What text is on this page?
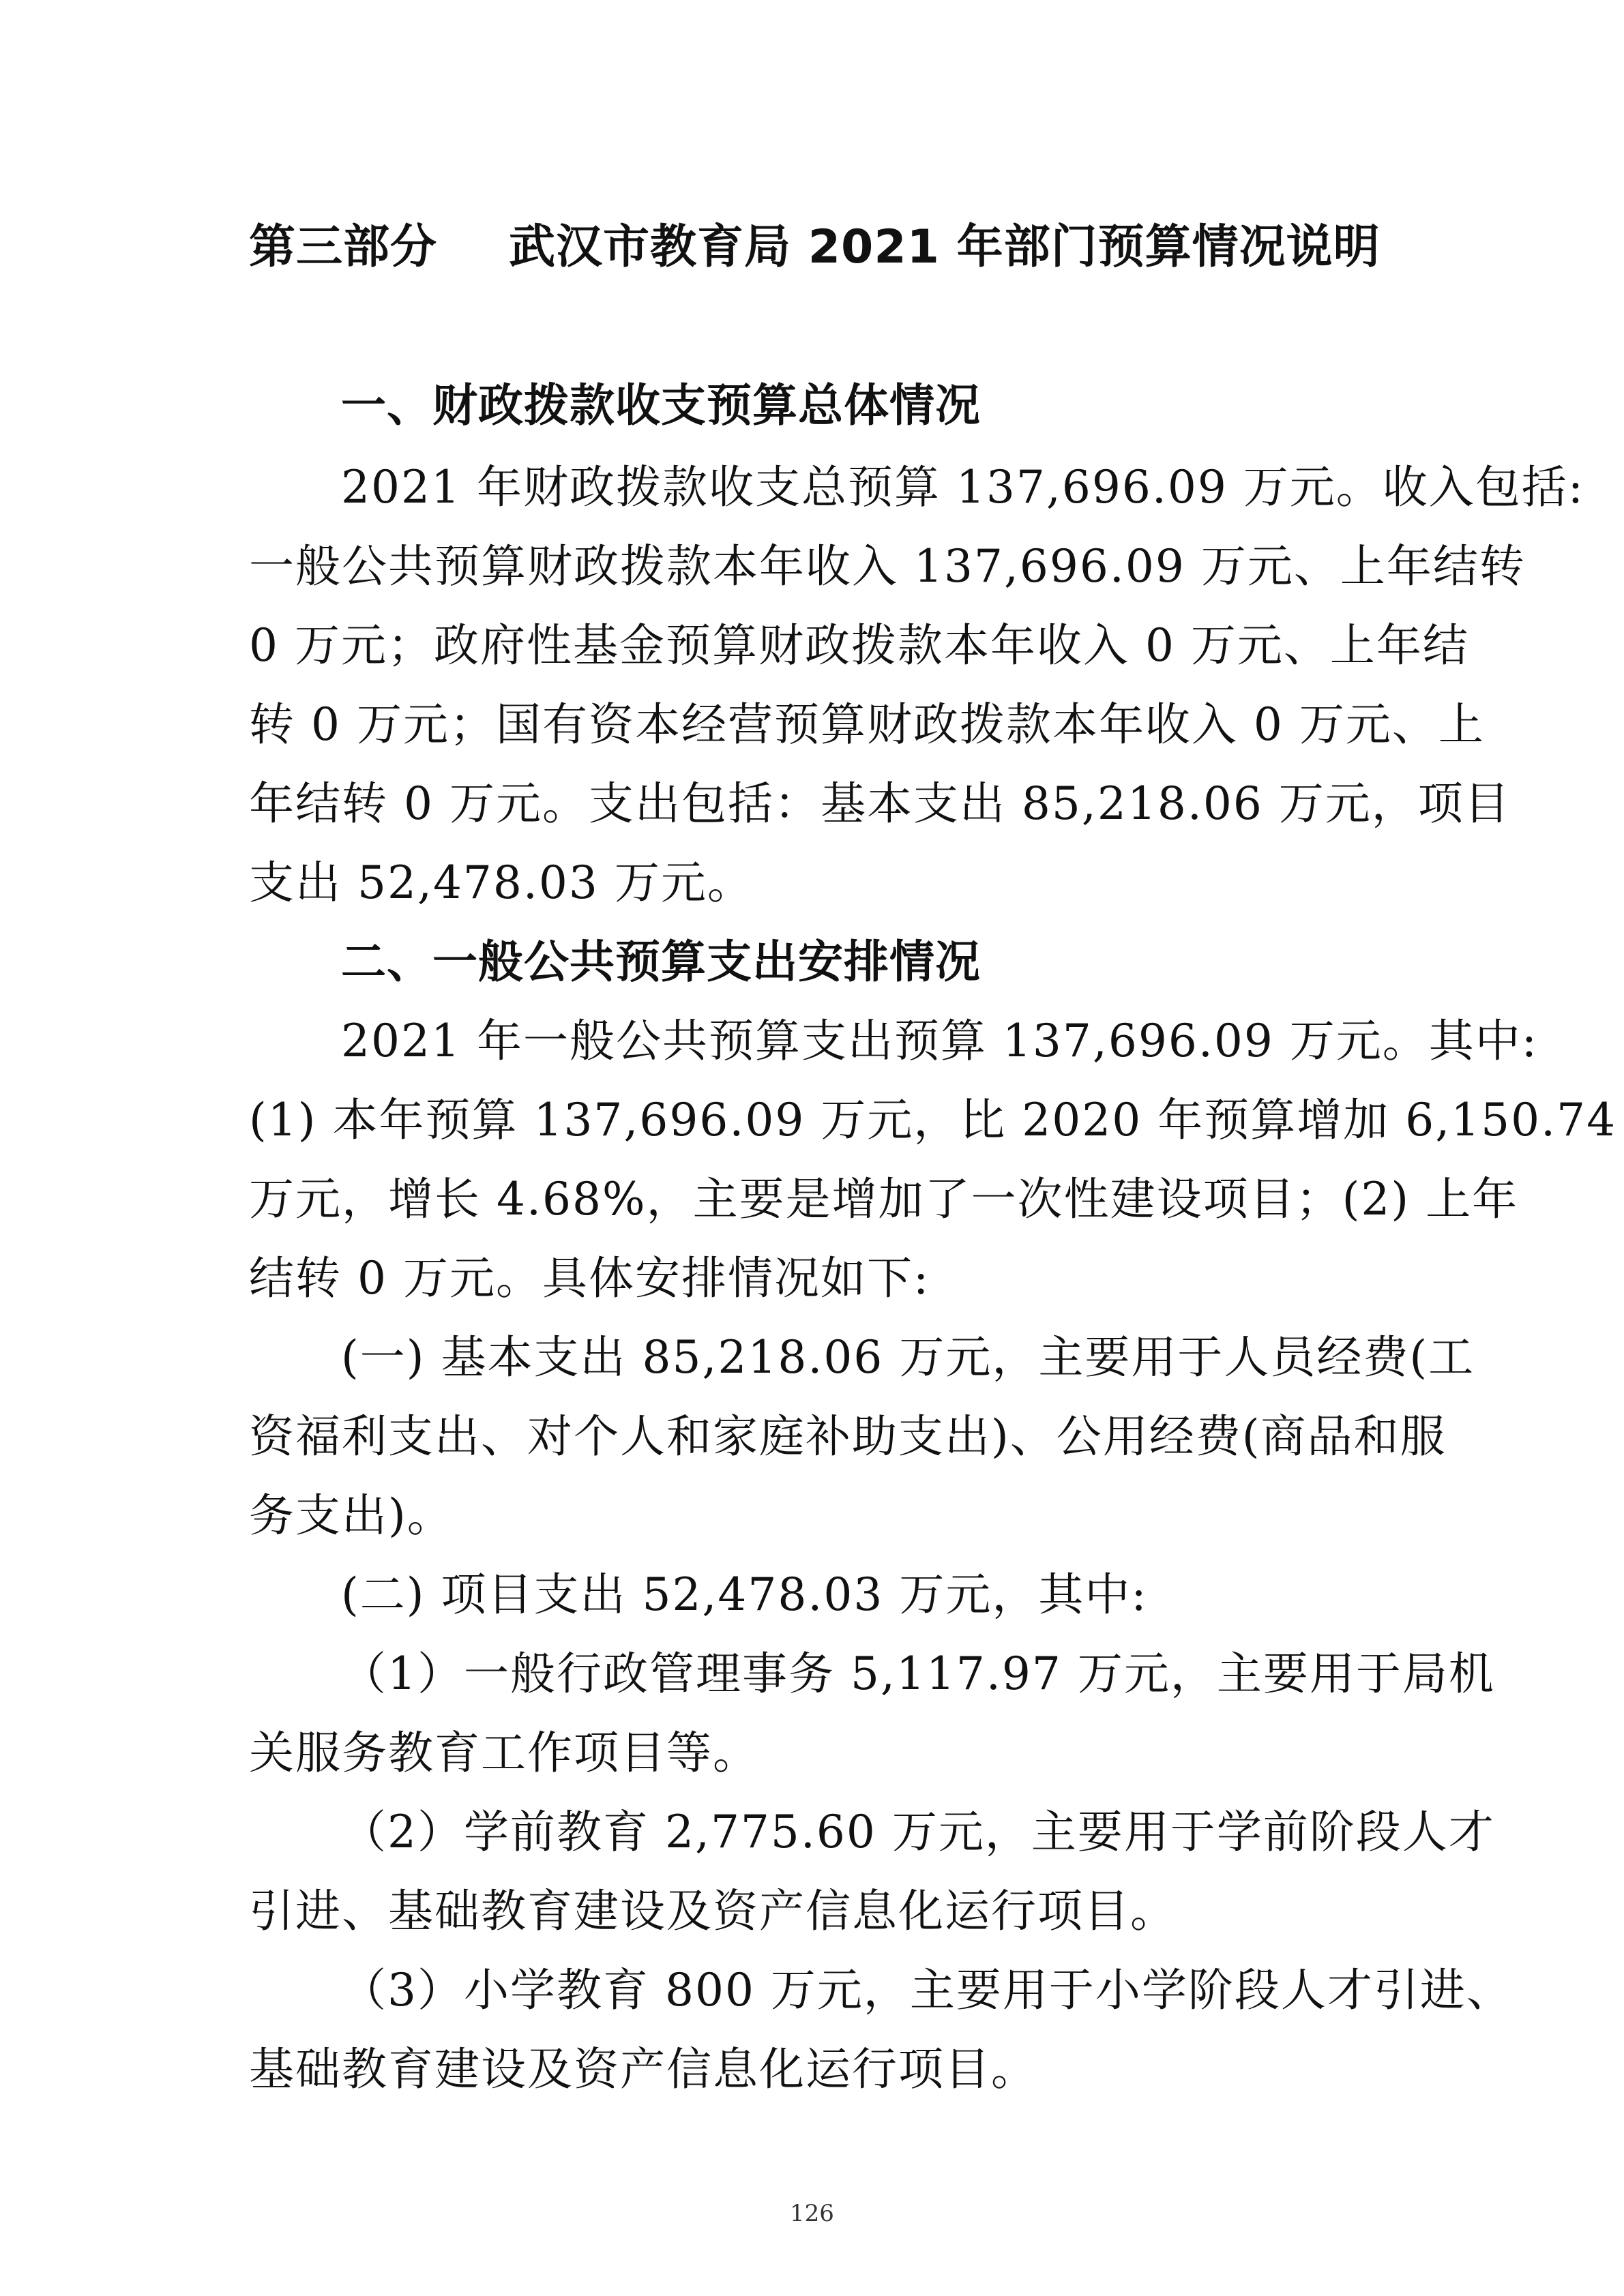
第三部分 武汉市教育局 2021 年部门预算情况说明
一、财政拨款收支预算总体情况
2021 年财政拨款收支总预算 137,696.09 万元。收入包括:
一般公共预算财政拨款本年收入 137,696.09 万元、上年结转
0 万元；政府性基金预算财政拨款本年收入 0 万元、上年结
转 0 万元；国有资本经营预算财政拨款本年收入 0 万元、上
年结转 0 万元。支出包括：基本支出 85,218.06 万元，项目
支出 52,478.03 万元。
二、一般公共预算支出安排情况
2021 年一般公共预算支出预算 137,696.09 万元。其中:
(1) 本年预算 137,696.09 万元，比 2020 年预算增加 6,150.74
万元，增长 4.68%，主要是增加了一次性建设项目；(2) 上年
结转 0 万元。具体安排情况如下:
(一) 基本支出 85,218.06 万元，主要用于人员经费(工
资福利支出、对个人和家庭补助支出)、公用经费(商品和服
务支出)。
(二) 项目支出 52,478.03 万元，其中:
（1）一般行政管理事务 5,117.97 万元，主要用于局机
关服务教育工作项目等。
（2）学前教育 2,775.60 万元，主要用于学前阶段人才
引进、基础教育建设及资产信息化运行项目。
（3）小学教育 800 万元，主要用于小学阶段人才引进、
基础教育建设及资产信息化运行项目。
126
